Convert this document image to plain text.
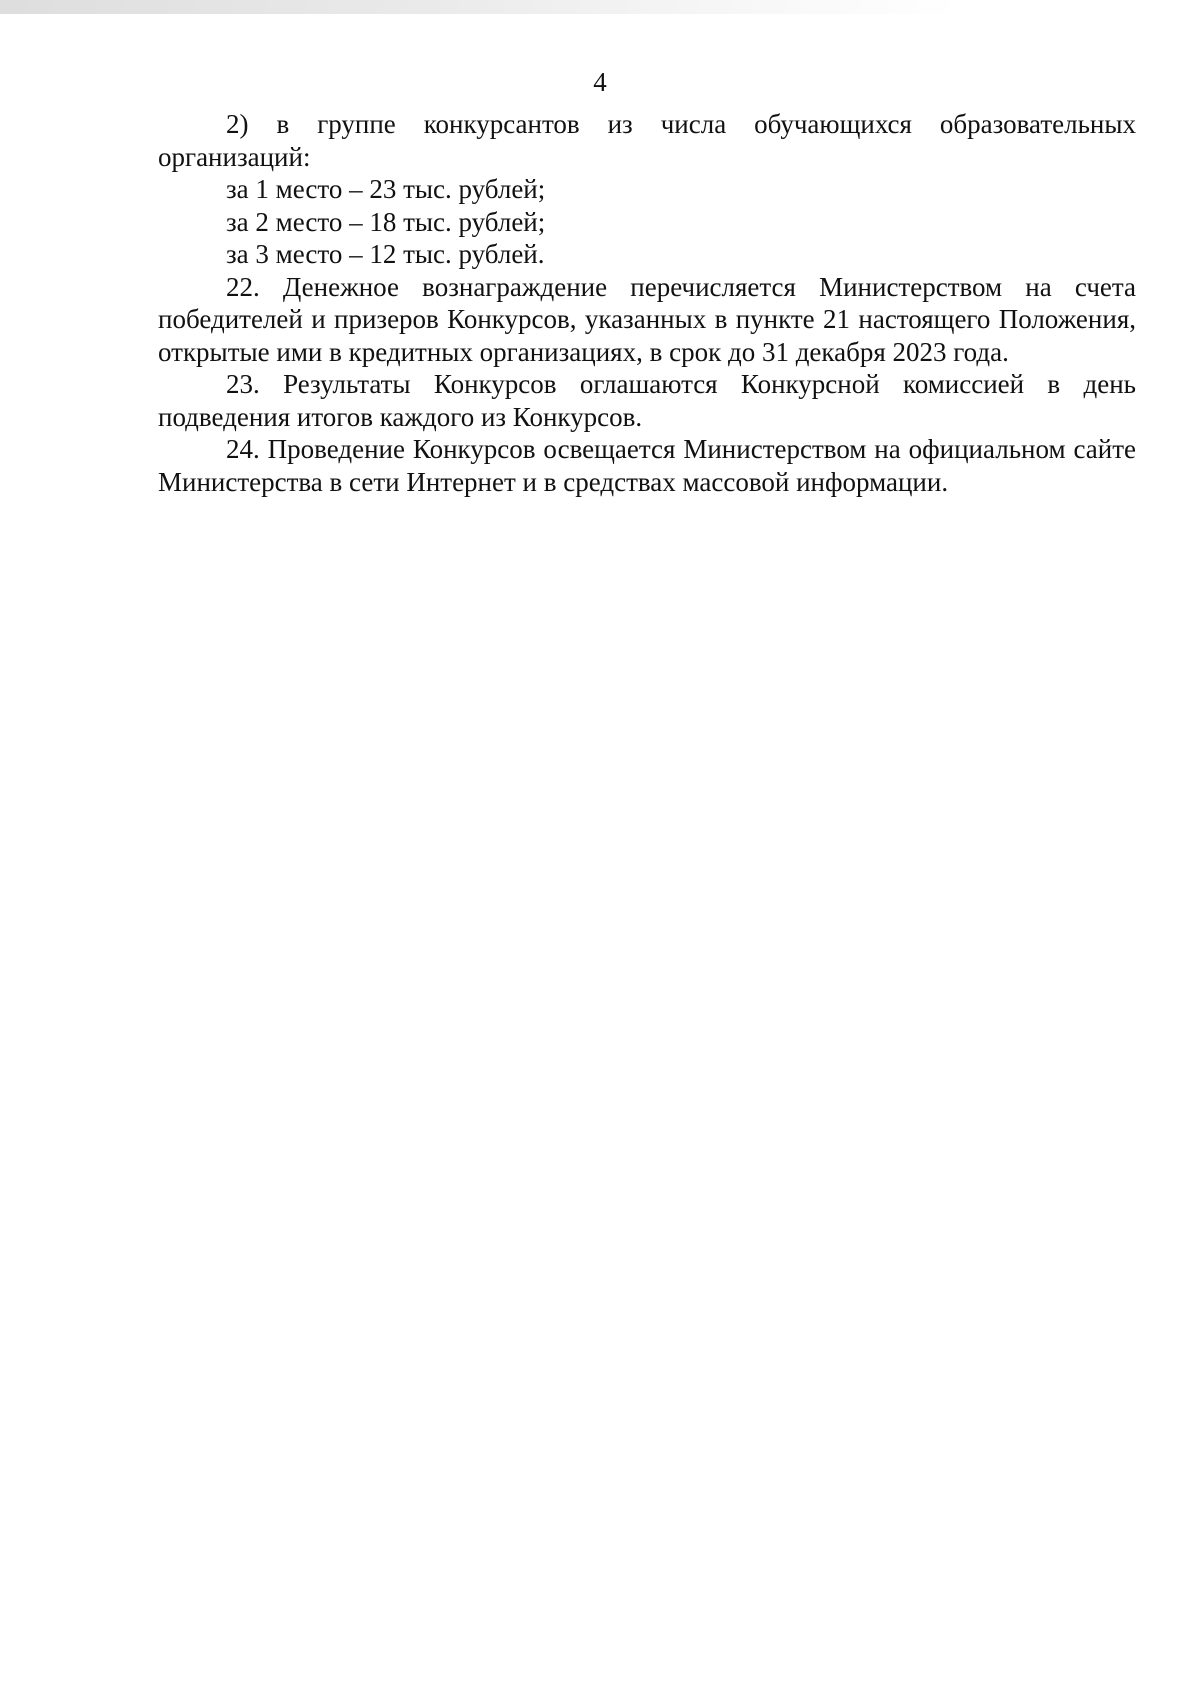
4

2) в группе конкурсантов из числа обучающихся образовательных организаций:

за 1 место – 23 тыс. рублей;

за 2 место – 18 тыс. рублей;

за 3 место – 12 тыс. рублей.

22. Денежное вознаграждение перечисляется Министерством на счета победителей и призеров Конкурсов, указанных в пункте 21 настоящего Положения, открытые ими в кредитных организациях, в срок до 31 декабря 2023 года.

23. Результаты Конкурсов оглашаются Конкурсной комиссией в день подведения итогов каждого из Конкурсов.

24. Проведение Конкурсов освещается Министерством на официальном сайте Министерства в сети Интернет и в средствах массовой информации.
